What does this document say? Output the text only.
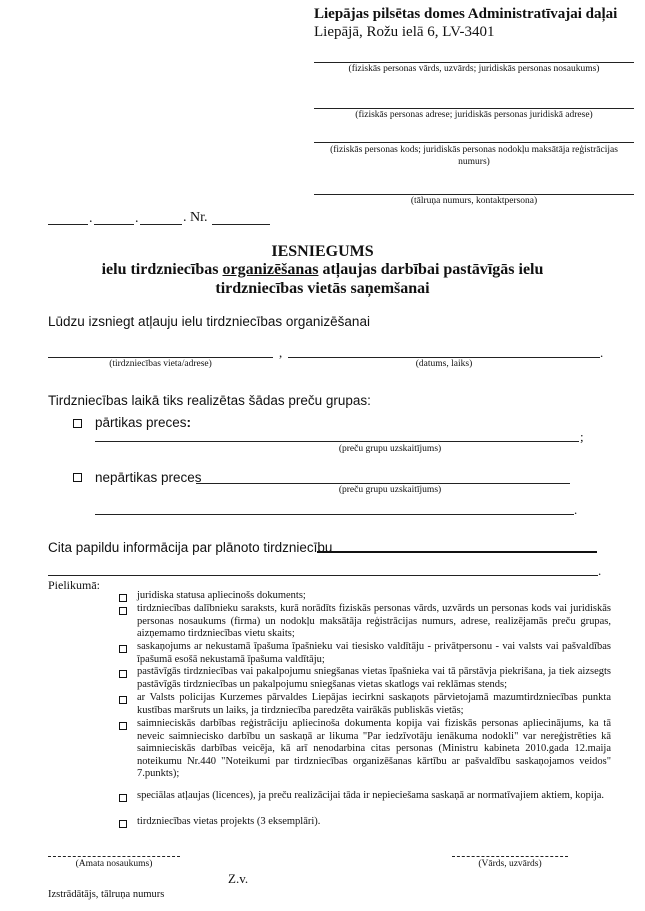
Liepājas pilsētas domes Administratīvajai daļai
Liepājā, Rožu ielā 6, LV-3401
(fiziskās personas vārds, uzvārds; juridiskās personas nosaukums)
(fiziskās personas adrese; juridiskās personas juridiskā adrese)
(fiziskās personas kods; juridiskās personas nodokļu maksātāja reģistrācijas numurs)
(tālruņa numurs, kontaktpersona)
.	.	. Nr.
IESNIEGUMS
ielu tirdzniecības organizēšanas atļaujas darbībai pastāvīgās ielu
tirdzniecības vietās saņemšanai
Lūdzu izsniegt atļauju ielu tirdzniecības organizēšanai
,	.
(tirdzniecības vieta/adrese)	(datums, laiks)
Tirdzniecības laikā tiks realizētas šādas preču grupas:
pārtikas preces:
;
(preču grupu uzskaitījums)
nepārtikas preces
(preču grupu uzskaitījums)
.
Cita papildu informācija par plānoto tirdzniecību
.
Pielikumā:
juridiska statusa apliecinošs dokuments;
tirdzniecības dalībnieku saraksts, kurā norādīts fiziskās personas vārds, uzvārds un personas kods vai juridiskās personas nosaukums (firma) un nodokļu maksātāja reģistrācijas numurs, adrese, realizējamās preču grupas, aizņemamo tirdzniecības vietu skaits;
saskaņojums ar nekustamā īpašuma īpašnieku vai tiesisko valdītāju - privātpersonu - vai valsts vai pašvaldības īpašumā esošā nekustamā īpašuma valdītāju;
pastāvīgās tirdzniecības vai pakalpojumu sniegšanas vietas īpašnieka vai tā pārstāvja piekrišana, ja tiek aizsegts pastāvīgās tirdzniecības un pakalpojumu sniegšanas vietas skatlogs vai reklāmas stends;
ar Valsts policijas Kurzemes pārvaldes Liepājas iecirkni saskaņots pārvietojamā mazumtirdzniecības punkta kustības maršruts un laiks, ja tirdzniecība paredzēta vairākās publiskās vietās;
saimnieciskās darbības reģistrāciju apliecinoša dokumenta kopija vai fiziskās personas apliecinājums, ka tā neveic saimniecisko darbību un saskaņā ar likuma "Par iedzīvotāju ienākuma nodokli" var nereģistrēties kā saimnieciskās darbības veicēja, kā arī nenodarbina citas personas (Ministru kabineta 2010.gada 12.maija noteikumu Nr.440 "Noteikumi par tirdzniecības organizēšanas kārtību ar pašvaldību saskaņojamos veidos" 7.punkts);
speciālas atļaujas (licences), ja preču realizācijai tāda ir nepieciešama saskaņā ar normatīvajiem aktiem, kopija.
tirdzniecības vietas projekts (3 eksemplāri).
(Amata nosaukums)	(Vārds, uzvārds)
Z.v.
Izstrādātājs, tālruņa numurs
